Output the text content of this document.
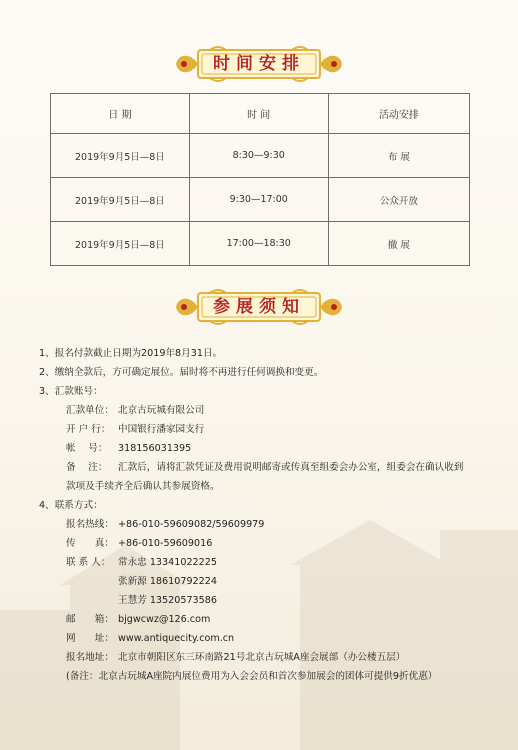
时间安排
日 期	时 间	活动安排
2019年9月5日—8日	8:30—9:30	布 展
2019年9月5日—8日	9:30—17:00	公众开放
2019年9月5日—8日	17:00—18:30	撤 展
参展须知
1、报名付款截止日期为2019年8月31日。
2、缴纳全款后，方可确定展位。届时将不再进行任何调换和变更。
3、汇款账号：
汇款单位： 北京古玩城有限公司
开 户 行： 中国银行潘家园支行
帐　 号： 318156031395
备　 注： 汇款后，请将汇款凭证及费用说明邮寄或传真至组委会办公室，组委会在确认收到
款项及手续齐全后确认其参展资格。
4、联系方式：
报名热线： +86-010-59609082/59609979
传　　真： +86-010-59609016
联 系 人： 常永忠 13341022225
张新源 18610792224
王慧芳 13520573586
邮　　箱： bjgwcwz@126.com
网　　址： www.antiquecity.com.cn
报名地址： 北京市朝阳区东三环南路21号北京古玩城A座会展部（办公楼五层）
(备注：北京古玩城A座院内展位费用为入会会员和首次参加展会的团体可提供9折优惠）
